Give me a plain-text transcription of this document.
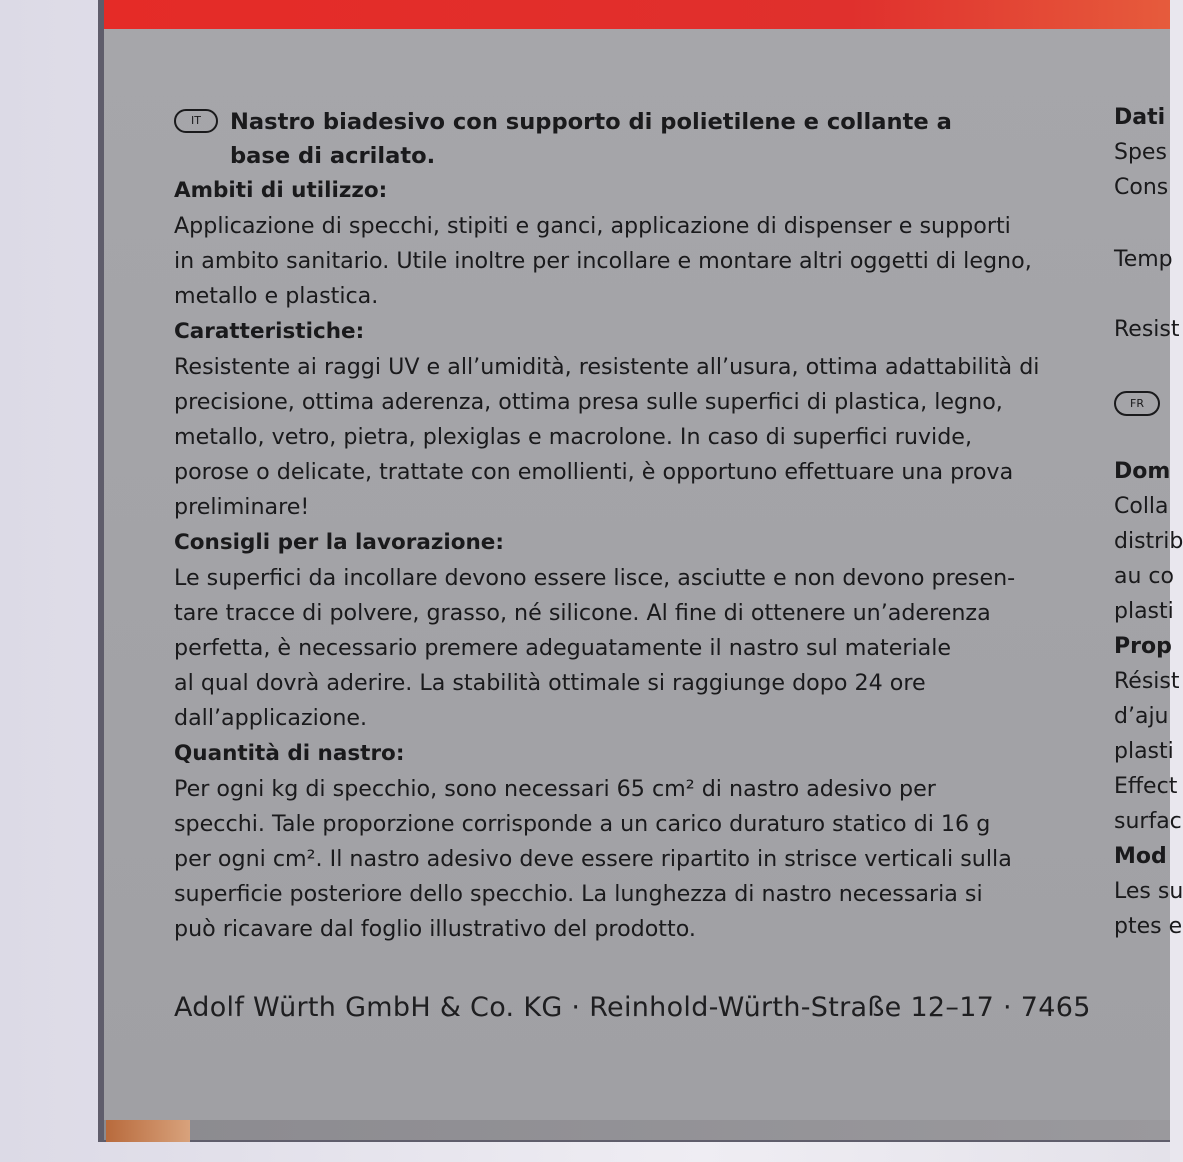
IT	Nastro biadesivo con supporto di polietilene e collante a

base di acrilato.

Ambiti di utilizzo:

Applicazione di specchi, stipiti e ganci, applicazione di dispenser e supporti

in ambito sanitario. Utile inoltre per incollare e montare altri oggetti di legno,

metallo e plastica.

Caratteristiche:

Resistente ai raggi UV e all’umidità, resistente all’usura, ottima adattabilità di

precisione, ottima aderenza, ottima presa sulle superfici di plastica, legno,

metallo, vetro, pietra, plexiglas e macrolone. In caso di superfici ruvide,

porose o delicate, trattate con emollienti, è opportuno effettuare una prova

preliminare!

Consigli per la lavorazione:

Le superfici da incollare devono essere lisce, asciutte e non devono presen-

tare tracce di polvere, grasso, né silicone. Al fine di ottenere un’aderenza

perfetta, è necessario premere adeguatamente il nastro sul materiale

al qual dovrà aderire. La stabilità ottimale si raggiunge dopo 24 ore

dall’applicazione.

Quantità di nastro:

Per ogni kg di specchio, sono necessari 65 cm² di nastro adesivo per

specchi. Tale proporzione corrisponde a un carico duraturo statico di 16 g

per ogni cm². Il nastro adesivo deve essere ripartito in strisce verticali sulla

superficie posteriore dello specchio. La lunghezza di nastro necessaria si

può ricavare dal foglio illustrativo del prodotto.

Dati
Spes
Cons
Temp
Resist
FR
Dom
Colla
distrib
au co
plasti
Prop
Résist
d’aju
plasti
Effect
surfac
Mod
Les su
ptes e
Adolf Würth GmbH & Co. KG · Reinhold-Würth-Straße 12–17 · 7465
